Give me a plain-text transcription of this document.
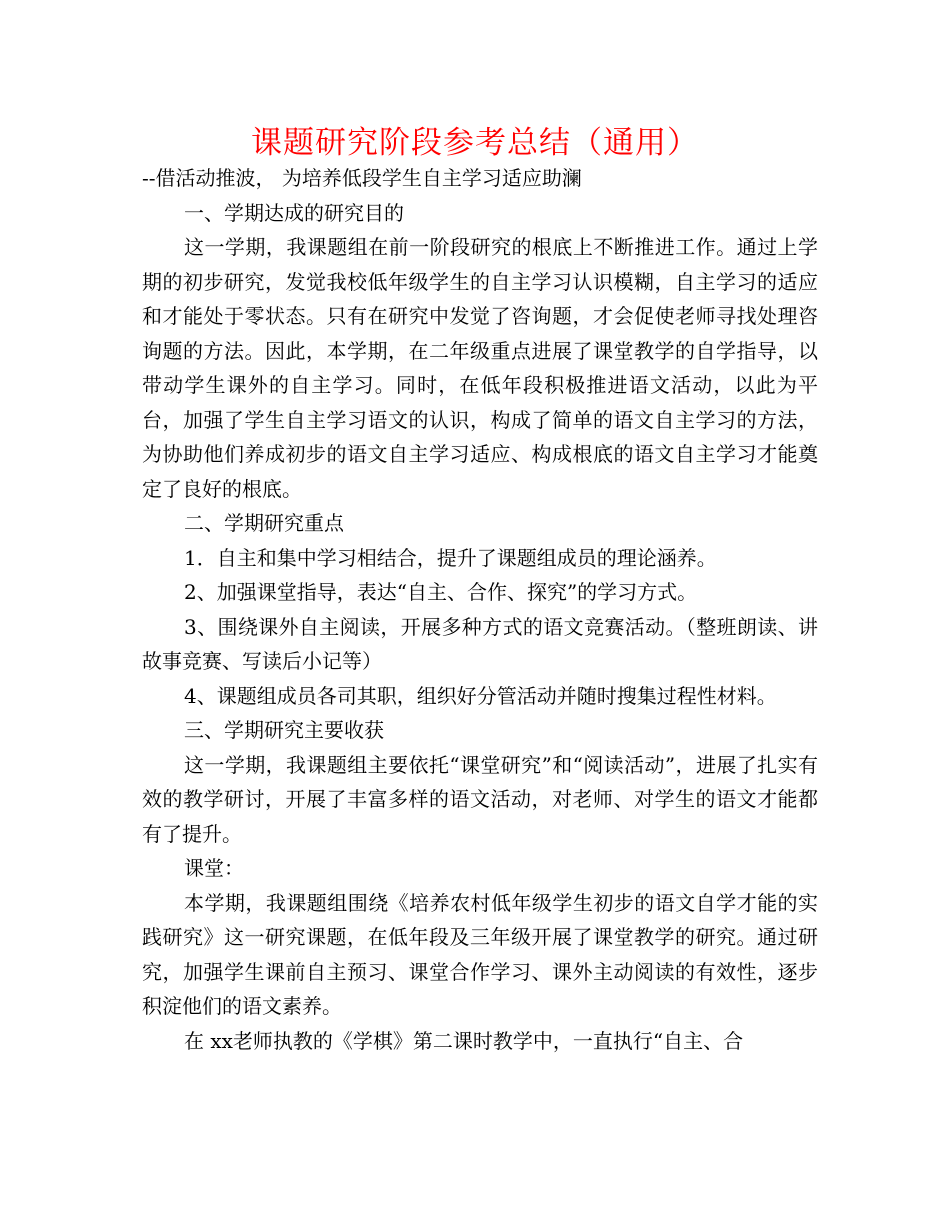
课题研究阶段参考总结（通用）

--借活动推波， 为培养低段学生自主学习适应助澜

一、学期达成的研究目的

这一学期，我课题组在前一阶段研究的根底上不断推进工作。通过上学期的初步研究，发觉我校低年级学生的自主学习认识模糊，自主学习的适应和才能处于零状态。只有在研究中发觉了咨询题，才会促使老师寻找处理咨询题的方法。因此，本学期，在二年级重点进展了课堂教学的自学指导，以带动学生课外的自主学习。同时，在低年段积极推进语文活动，以此为平台，加强了学生自主学习语文的认识，构成了简单的语文自主学习的方法，为协助他们养成初步的语文自主学习适应、构成根底的语文自主学习才能奠定了良好的根底。

二、学期研究重点

1．自主和集中学习相结合，提升了课题组成员的理论涵养。

2、加强课堂指导，表达“自主、合作、探究”的学习方式。

3、围绕课外自主阅读，开展多种方式的语文竞赛活动。（整班朗读、讲故事竞赛、写读后小记等）

4、课题组成员各司其职，组织好分管活动并随时搜集过程性材料。

三、学期研究主要收获

这一学期，我课题组主要依托“课堂研究”和“阅读活动”，进展了扎实有效的教学研讨，开展了丰富多样的语文活动，对老师、对学生的语文才能都有了提升。

课堂：

本学期，我课题组围绕《培养农村低年级学生初步的语文自学才能的实践研究》这一研究课题，在低年段及三年级开展了课堂教学的研究。通过研究，加强学生课前自主预习、课堂合作学习、课外主动阅读的有效性，逐步积淀他们的语文素养。

在 xx老师执教的《学棋》第二课时教学中，一直执行“自主、合
